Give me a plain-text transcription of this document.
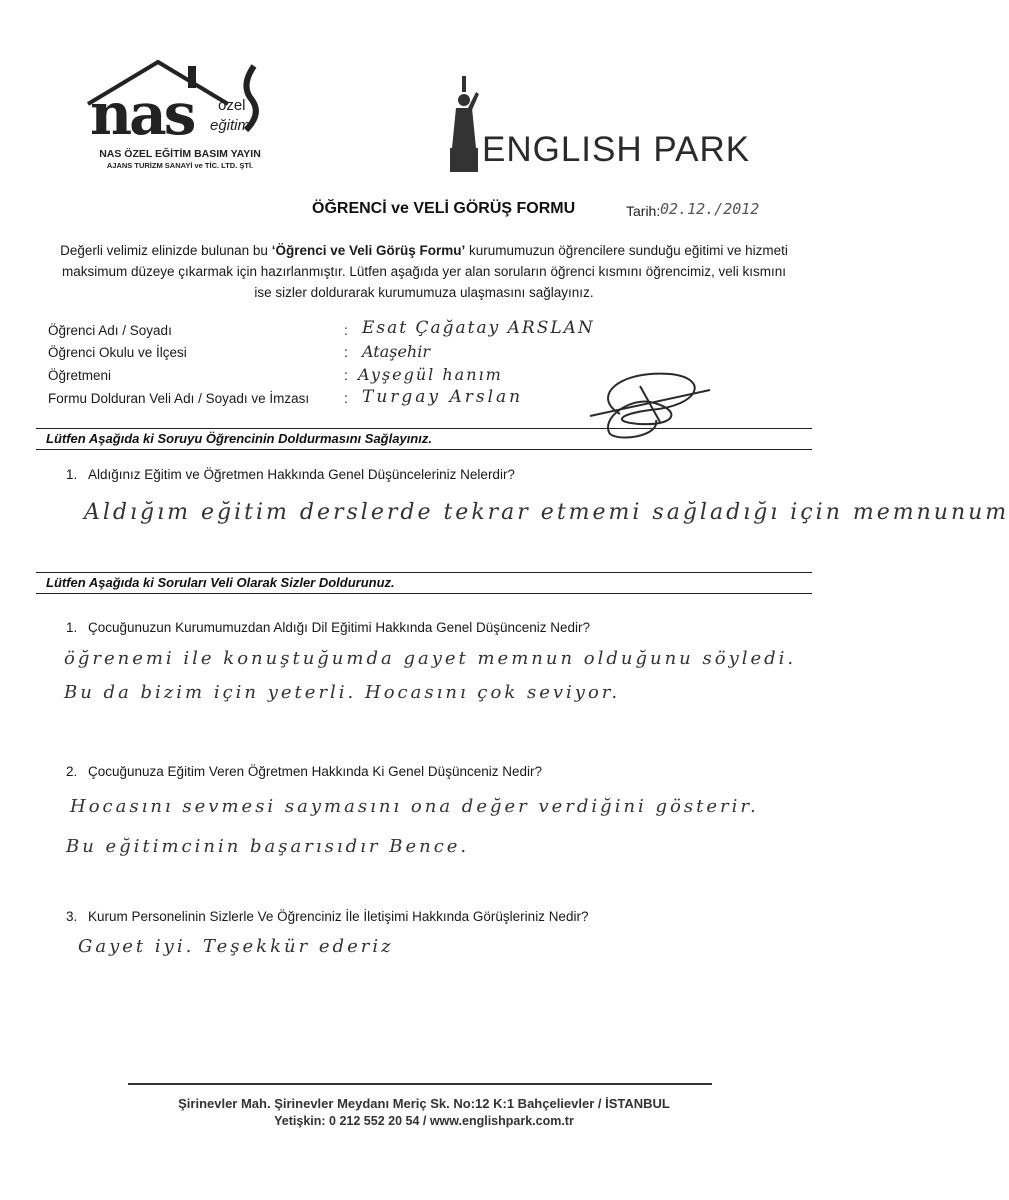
nas özel
eğitim
NAS ÖZEL EĞİTİM BASIM YAYIN
AJANS TURİZM SANAYİ ve TİC. LTD. ŞTİ.	ENGLISH PARK
ÖĞRENCİ ve VELİ GÖRÜŞ FORMU	Tarih: 02.12./2012
Değerli velimiz elinizde bulunan bu ‘Öğrenci ve Veli Görüş Formu’ kurumumuzun öğrencilere sunduğu eğitimi ve hizmeti
maksimum düzeye çıkarmak için hazırlanmıştır. Lütfen aşağıda yer alan soruların öğrenci kısmını öğrencimiz, veli kısmını
ise sizler doldurarak kurumumuza ulaşmasını sağlayınız.
Öğrenci Adı / Soyadı	: Esat Çağatay ARSLAN
Öğrenci Okulu ve İlçesi	: Ataşehir
Öğretmeni	: Ayşegül hanım
Formu Dolduran Veli Adı / Soyadı ve İmzası : Turgay Arslan
Lütfen Aşağıda ki Soruyu Öğrencinin Doldurmasını Sağlayınız.
1. Aldığınız Eğitim ve Öğretmen Hakkında Genel Düşünceleriniz Nelerdir?
Aldığım eğitim derslerde tekrar etmemi sağladığı için memnunum
Lütfen Aşağıda ki Soruları Veli Olarak Sizler Doldurunuz.
1. Çocuğunuzun Kurumumuzdan Aldığı Dil Eğitimi Hakkında Genel Düşünceniz Nedir?
öğrenemi ile konuştuğumda gayet memnun olduğunu söyledi.
Bu da bizim için yeterli. Hocasını çok seviyor.
2. Çocuğunuza Eğitim Veren Öğretmen Hakkında Ki Genel Düşünceniz Nedir?
Hocasını sevmesi saymasını ona değer verdiğini gösterir.
Bu eğitimcinin başarısıdır Bence.
3. Kurum Personelinin Sizlerle Ve Öğrenciniz İle İletişimi Hakkında Görüşleriniz Nedir?
Gayet iyi. Teşekkür ederiz
Şirinevler Mah. Şirinevler Meydanı Meriç Sk. No:12 K:1 Bahçelievler / İSTANBUL
Yetişkin: 0 212 552 20 54 / www.englishpark.com.tr
